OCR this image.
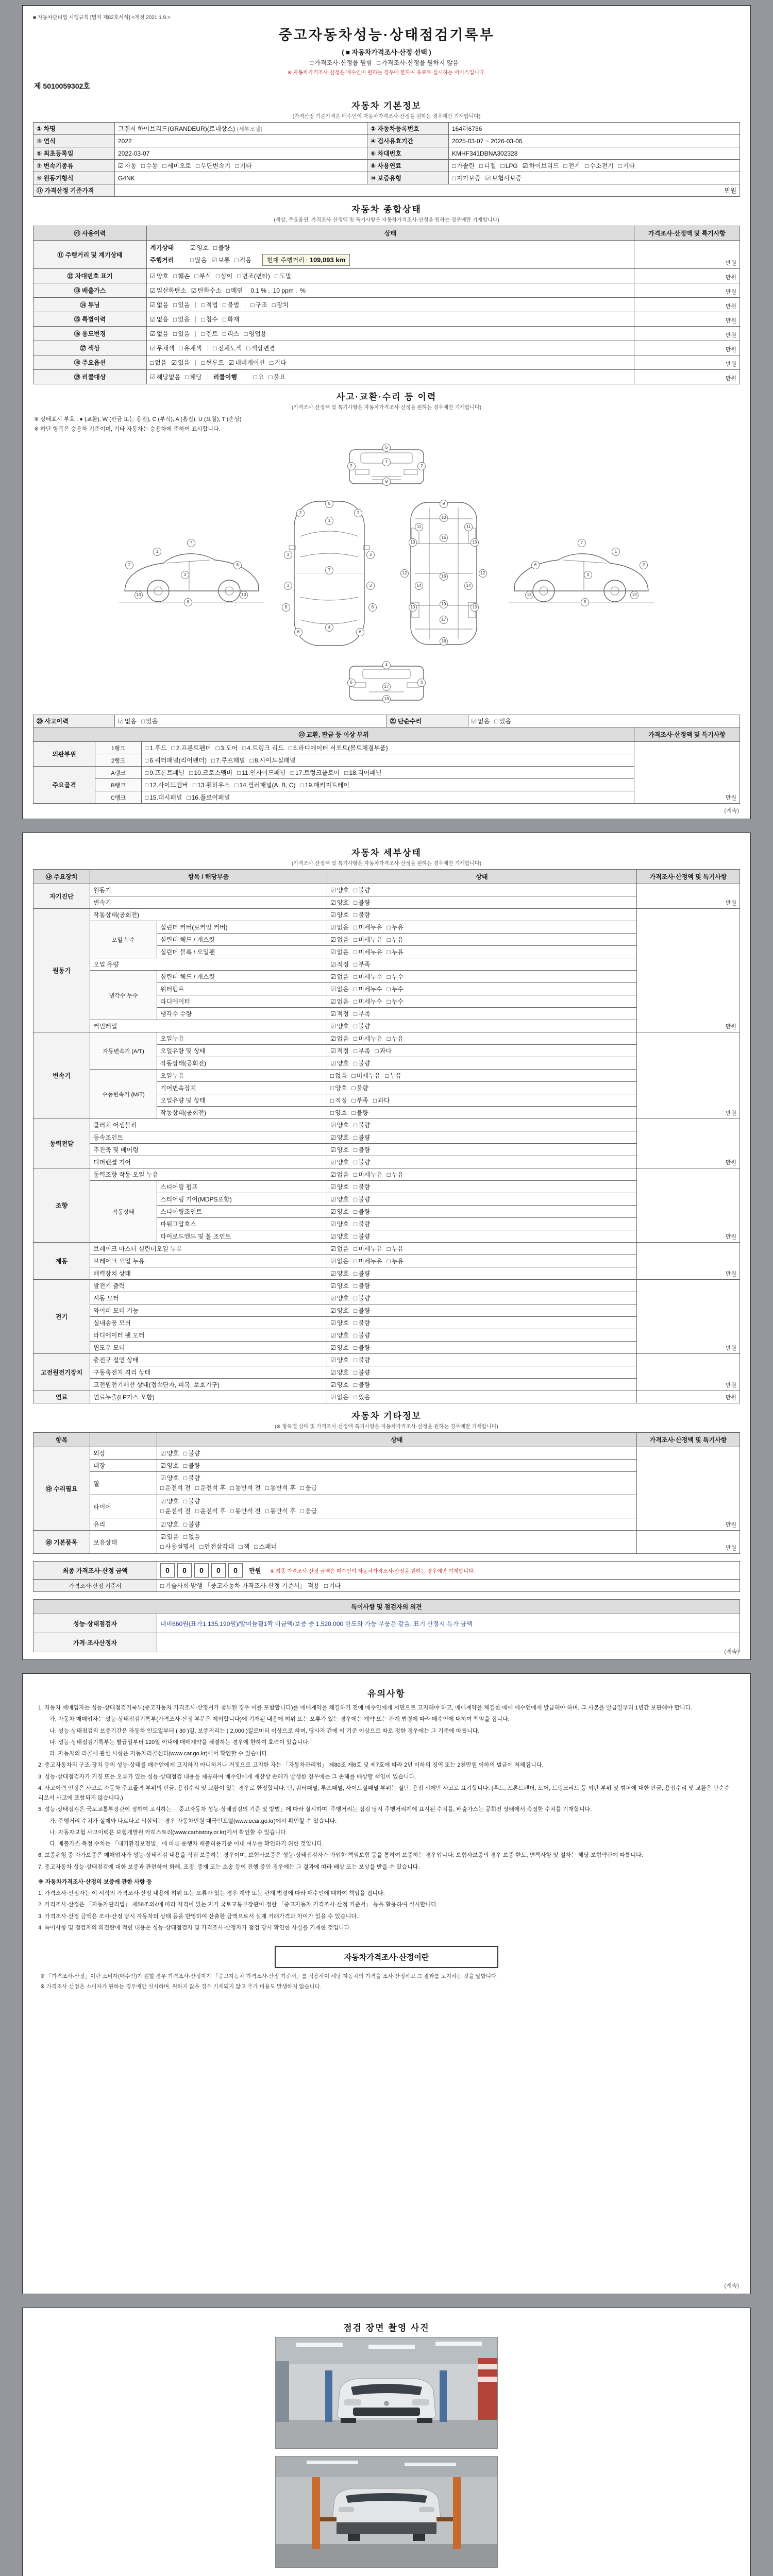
■ 자동차관리법 시행규칙 [별지 제82호서식] <개정 2021.1.9.>
중고자동차성능·상태점검기록부
( ■ 자동차가격조사·산정 선택 )
□ 가격조사·산정을 원함 □ 가격조사·산정을 원하지 않음
※ 자동차가격조사·산정은 매수인이 원하는 경우에 한하여 유료로 실시하는 서비스입니다.
제 5010059302호
자동차 기본정보
(가격산정 기준가격은 매수인이 자동차가격조사·산정을 원하는 경우에만 기재합니다)
① 차명	그랜저 하이브리드(GRANDEUR)(르네상스) (세부모델)	② 자동차등록번호	164러6736
③ 연식	2022	④ 검사유효기간	2025-03-07 ~ 2026-03-06
⑤ 최초등록일	2022-03-07	⑥ 차대번호	KMHF341DBNA302328
⑦ 변속기종류	☑ 자동 □ 수동 □ 세미오토 □ 무단변속기 □ 기타	⑧ 사용연료	□ 가솔린 □ 디젤 □ LPG ☑ 하이브리드 □ 전기 □ 수소전기 □ 기타
⑨ 원동기형식	G4NK	⑩ 보증유형	□ 자가보증 ☑ 보험사보증
⑪ 가격산정 기준가격	만원		
자동차 종합상태
(색상, 주요옵션, 가격조사·산정액 및 특기사항은 자동차가격조사·산정을 원하는 경우에만 기재합니다)
㉮ 사용이력	상태	가격조사·산정액 및 특기사항
⑪ 주행거리 및 계기상태	계기상태 ☑ 양호 □ 불량
주행거리 □ 많음 ☑ 보통 □ 적음 현재 주행거리 : 109,093 km	만원
⑫ 차대번호 표기	☑ 양호 □ 훼손 □ 부식 □ 상이 □ 변조(변타) □ 도말	만원
⑬ 배출가스	☑ 일산화탄소 ☑ 탄화수소 □ 매연 0.1 % , 10 ppm , %	만원
⑭ 튜닝	☑ 없음 □ 있음 □ 적법 □ 불법 □ 구조 □ 장치	만원
⑮ 특별이력	☑ 없음 □ 있음 □ 침수 □ 화재	만원
⑯ 용도변경	☑ 없음 □ 있음 □ 렌트 □ 리스 □ 영업용	만원
⑰ 색상	☑ 무채색 □ 유채색 □ 전체도색 □ 색상변경	만원
⑱ 주요옵션	□ 없음 ☑ 있음 □ 썬루프 ☑ 네비게이션 □ 기타	만원
⑲ 리콜대상	☑ 해당없음 □ 해당 리콜이행 □ 요 □ 불요	만원
사고·교환·수리 등 이력
(가격조사·산정액 및 특기사항은 자동차가격조사·산정을 원하는 경우에만 기재합니다)
※ 상태표시 부호 : ● (교환), W (판금 또는 용접), C (부식), A (흠집), U (요철), T (손상)
※ 하단 항목은 승용차 기준이며, 기타 자동차는 승용차에 준하여 표시합니다.
2
1
7
3
6
8
13	13
5
1
2	2
9
5
1
2	2
3	3
7
3	3
8	8
6	6
4
9
10
11	11
13	13
15
12	12
14	14
16
13	13
19
17
18
4
6	6
17
18
2
1
7
3
6
8
13	13
⑳ 사고이력	☑ 없음 □ 있음	㉑ 단순수리	☑ 없음 □ 있음
㉒ 교환, 판금 등 이상 부위			가격조사·산정액 및 특기사항
외판부위	1랭크	□ 1.후드 □ 2.프론트펜더 □ 3.도어 □ 4.트렁크 리드 □ 5.라디에이터 서포트(볼트체결부품)	만원
	2랭크	□ 6.쿼터패널(리어펜더) □ 7.루프패널 □ 8.사이드실패널	
주요골격	A랭크	□ 9.프론트패널 □ 10.크로스멤버 □ 11.인사이드패널 □ 17.트렁크플로어 □ 18.리어패널	
	B랭크	□ 12.사이드멤버 □ 13.휠하우스 □ 14.필러패널(A, B, C) □ 19.패키지트레이	
	C랭크	□ 15.대시패널 □ 16.플로어패널	
(계속)
자동차 세부상태
(가격조사·산정액 및 특기사항은 자동차가격조사·산정을 원하는 경우에만 기재합니다)
㉯ 주요장치	항목 / 해당부품		상태	가격조사·산정액 및 특기사항
자기진단	원동기		☑ 양호 □ 불량	만원
	변속기		☑ 양호 □ 불량	
원동기	작동상태(공회전)		☑ 양호 □ 불량	만원
	오일 누수	실린더 커버(로커암 커버)	☑ 없음 □ 미세누유 □ 누유	
		실린더 헤드 / 개스킷	☑ 없음 □ 미세누유 □ 누유	
		실린더 블록 / 오일팬	☑ 없음 □ 미세누유 □ 누유	
	오일 유량		☑ 적정 □ 부족	
	냉각수 누수	실린더 헤드 / 개스킷	☑ 없음 □ 미세누수 □ 누수	
		워터펌프	☑ 없음 □ 미세누수 □ 누수	
		라디에이터	☑ 없음 □ 미세누수 □ 누수	
		냉각수 수량	☑ 적정 □ 부족	
	커먼레일		☑ 양호 □ 불량	
변속기	자동변속기 (A/T)	오일누유	☑ 없음 □ 미세누유 □ 누유	만원
		오일유량 및 상태	☑ 적정 □ 부족 □ 과다	
		작동상태(공회전)	☑ 양호 □ 불량	
	수동변속기 (M/T)	오일누유	□ 없음 □ 미세누유 □ 누유	
		기어변속장치	□ 양호 □ 불량	
		오일유량 및 상태	□ 적정 □ 부족 □ 과다	
		작동상태(공회전)	□ 양호 □ 불량	
동력전달	클러치 어셈블리		☑ 양호 □ 불량	만원
	등속조인트		☑ 양호 □ 불량	
	추진축 및 베어링		☑ 양호 □ 불량	
	디퍼렌셜 기어		☑ 양호 □ 불량	
조향	동력조향 작동 오일 누유		☑ 없음 □ 미세누유 □ 누유	만원
	작동상태	스티어링 펌프	☑ 양호 □ 불량	
		스티어링 기어(MDPS포함)	☑ 양호 □ 불량	
		스티어링조인트	☑ 양호 □ 불량	
		파워고압호스	☑ 양호 □ 불량	
		타이로드엔드 및 볼 조인트	☑ 양호 □ 불량	
제동	브레이크 마스터 실린더오일 누유		☑ 없음 □ 미세누유 □ 누유	만원
	브레이크 오일 누유		☑ 없음 □ 미세누유 □ 누유	
	배력장치 상태		☑ 양호 □ 불량	
전기	발전기 출력		☑ 양호 □ 불량	만원
	시동 모터		☑ 양호 □ 불량	
	와이퍼 모터 기능		☑ 양호 □ 불량	
	실내송풍 모터		☑ 양호 □ 불량	
	라디에이터 팬 모터		☑ 양호 □ 불량	
	윈도우 모터		☑ 양호 □ 불량	
고전원전기장치	충전구 절연 상태		☑ 양호 □ 불량	만원
	구동축전지 격리 상태		☑ 양호 □ 불량	
	고전원전기배선 상태(접속단자, 피복, 보호기구)		☑ 양호 □ 불량	
연료	연료누출(LP가스 포함)		☑ 없음 □ 있음	만원
자동차 기타정보
(※ 항목별 상태 및 가격조사·산정액·특기사항은 자동차가격조사·산정을 원하는 경우에만 기재합니다)
항목		상태	가격조사·산정액 및 특기사항
㉰ 수리필요	외장	☑ 양호 □ 불량	만원
	내장	☑ 양호 □ 불량	
	휠	☑ 양호 □ 불량
□ 운전석 전 □ 운전석 후 □ 동반석 전 □ 동반석 후 □ 응급	

	타이어	☑ 양호 □ 불량
□ 운전석 전 □ 운전석 후 □ 동반석 전 □ 동반석 후 □ 응급	

	유리	☑ 양호 □ 불량	
㉱ 기본품목	보유상태	☑ 있음 □ 없음
□ 사용설명서 □ 안전삼각대 □ 잭 □ 스패너	만원
최종 가격조사·산정 금액	0 0 0 0 0 만원 ※ 최종 가격조사·산정 금액은 매수인이 자동차가격조사·산정을 원하는 경우에만 기재합니다.
가격조사·산정 기준서	□ 기술사회 발행 「중고자동차 가격조사·산정 기준서」 적용 □ 기타
특이사항 및 점검자의 의견	
성능·상태점검자	내비660원(표가1,135,190원)/알미늄휠1짝 비금액/보증 중 1,520,000 한도와 가능 부품은 같음. 표기 산정시 특가 금액
가격·조사산정자	
(계속)
유의사항
1. 자동차 매매업자는 성능·상태점검기록부(중고자동차 가격조사·산정서가 첨부된 경우 이를 포함합니다)를 매매계약을 체결하기 전에 매수인에게 서면으로 고지해야 하고, 매매계약을 체결한 때에 매수인에게 발급해야 하며, 그 사본을 발급일부터 1년간 보관해야 합니다.
가. 자동차 매매업자는 성능·상태점검기록부(가격조사·산정 부분은 제외합니다)에 기재된 내용에 허위 또는 오류가 있는 경우에는 계약 또는 관계 법령에 따라 매수인에 대하여 책임을 집니다.
나. 성능·상태점검의 보증기간은 자동차 인도일부터 ( 30 )일, 보증거리는 ( 2,000 )킬로미터 이상으로 하며, 당사자 간에 이 기준 이상으로 따로 정한 경우에는 그 기준에 따릅니다.
다. 성능·상태점검기록부는 발급일부터 120일 이내에 매매계약을 체결하는 경우에 한하여 효력이 있습니다.
라. 자동차의 리콜에 관한 사항은 자동차리콜센터(www.car.go.kr)에서 확인할 수 있습니다.
2. 중고자동차의 구조·장치 등의 성능·상태를 매수인에게 고지하지 아니하거나 거짓으로 고지한 자는 「자동차관리법」 제80조 제6호 및 제7호에 따라 2년 이하의 징역 또는 2천만원 이하의 벌금에 처해집니다.
3. 성능·상태점검자가 거짓 또는 오류가 있는 성능·상태점검 내용을 제공하여 매수인에게 재산상 손해가 발생한 경우에는 그 손해를 배상할 책임이 있습니다.
4. 사고이력 인정은 사고로 자동차 주요골격 부위의 판금, 용접수리 및 교환이 있는 경우로 한정합니다. 단, 쿼터패널, 루프패널, 사이드실패널 부위는 절단, 용접 시에만 사고로 표기합니다. (후드, 프론트펜더, 도어, 트렁크리드 등 외판 부위 및 범퍼에 대한 판금, 용접수리 및 교환은 단순수리로서 사고에 포함되지 않습니다.)
5. 성능·상태점검은 국토교통부장관이 정하여 고시하는 「중고자동차 성능·상태점검의 기준 및 방법」에 따라 실시하며, 주행거리는 점검 당시 주행거리계에 표시된 수치를, 배출가스는 공회전 상태에서 측정한 수치를 기재합니다.
가. 주행거리 수치가 실제와 다르다고 의심되는 경우 자동차민원 대국민포털(www.ecar.go.kr)에서 확인할 수 있습니다.
나. 자동차보험 사고이력은 보험개발원 카히스토리(www.carhistory.or.kr)에서 확인할 수 있습니다.
다. 배출가스 측정 수치는 「대기환경보전법」에 따른 운행차 배출허용기준 이내 여부를 확인하기 위한 것입니다.
6. 보증유형 중 자가보증은 매매업자가 성능·상태점검 내용을 직접 보증하는 경우이며, 보험사보증은 성능·상태점검자가 가입한 책임보험 등을 통하여 보증하는 경우입니다. 보험사보증의 경우 보증 한도, 면책사항 및 절차는 해당 보험약관에 따릅니다.
7. 중고자동차 성능·상태점검에 대한 보증과 관련하여 화해, 조정, 중재 또는 소송 등이 진행 중인 경우에는 그 결과에 따라 배상 또는 보상을 받을 수 있습니다.
※ 자동차가격조사·산정의 보증에 관한 사항 등
1. 가격조사·산정자는 이 서식의 가격조사·산정 내용에 허위 또는 오류가 있는 경우 계약 또는 관계 법령에 따라 매수인에 대하여 책임을 집니다.
2. 가격조사·산정은 「자동차관리법」 제58조의4에 따라 자격이 있는 자가 국토교통부장관이 정한 「중고자동차 가격조사·산정 기준서」 등을 활용하여 실시합니다.
3. 가격조사·산정 금액은 조사·산정 당시 자동차의 상태 등을 반영하여 산출한 금액으로서 실제 거래가격과 차이가 있을 수 있습니다.
4. 특이사항 및 점검자의 의견란에 적힌 내용은 성능·상태점검자 및 가격조사·산정자가 점검 당시 확인한 사실을 기재한 것입니다.
자동차가격조사·산정이란
※ 「가격조사·산정」이란 소비자(매수인)가 원할 경우 가격조사·산정자가 「중고자동차 가격조사·산정 기준서」를 적용하여 해당 자동차의 가격을 조사·산정하고 그 결과를 고지하는 것을 말합니다.
※ 가격조사·산정은 소비자가 원하는 경우에만 실시하며, 원하지 않을 경우 기재되지 않고 추가 비용도 발생하지 않습니다.
(계속)
점검 장면 촬영 사진
